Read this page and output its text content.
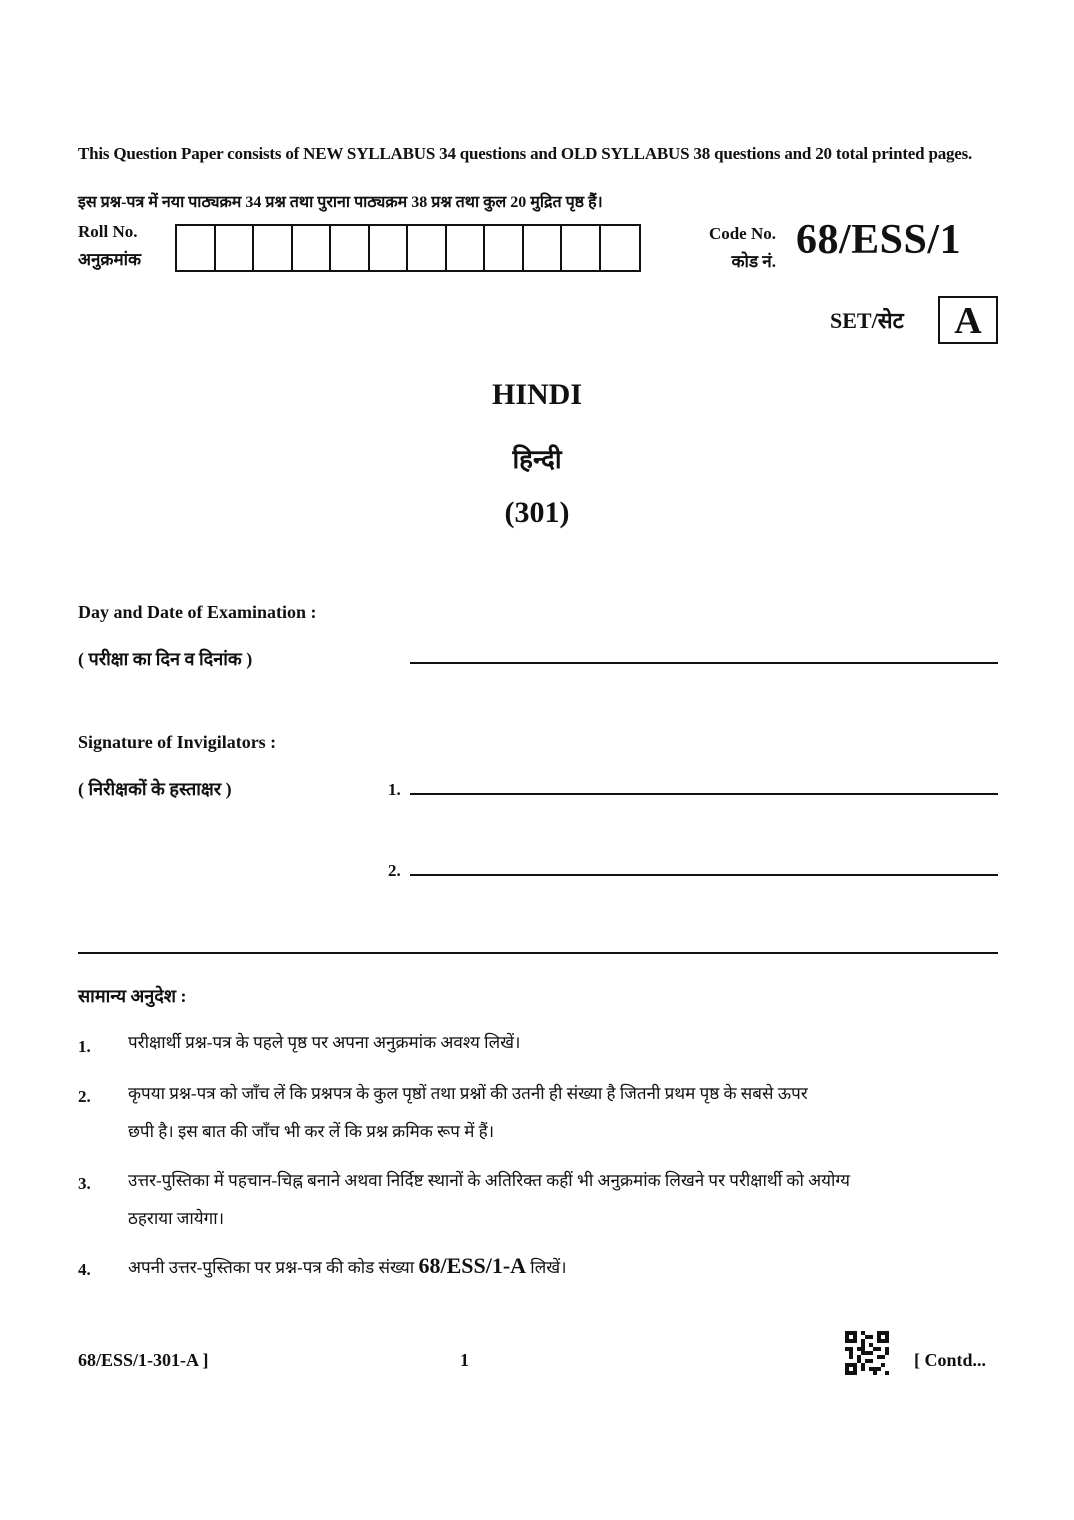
This Question Paper consists of NEW SYLLABUS 34 questions and OLD SYLLABUS 38 questions and 20 total printed pages.
इस प्रश्न-पत्र में नया पाठ्यक्रम 34 प्रश्न तथा पुराना पाठ्यक्रम 38 प्रश्न तथा कुल 20 मुद्रित पृष्ठ हैं।
Roll No.
अनुक्रमांक
Code No.
कोड नं. 68/ESS/1
SET/सेट	A
HINDI
हिन्दी
(301)
Day and Date of Examination :
( परीक्षा का दिन व दिनांक )
Signature of Invigilators :
( निरीक्षकों के हस्ताक्षर )	1.
2.
सामान्य अनुदेश :
1. परीक्षार्थी प्रश्न-पत्र के पहले पृष्ठ पर अपना अनुक्रमांक अवश्य लिखें।
2. कृपया प्रश्न-पत्र को जाँच लें कि प्रश्नपत्र के कुल पृष्ठों तथा प्रश्नों की उतनी ही संख्या है जितनी प्रथम पृष्ठ के सबसे ऊपर
छपी है। इस बात की जाँच भी कर लें कि प्रश्न क्रमिक रूप में हैं।
3. उत्तर-पुस्तिका में पहचान-चिह्न बनाने अथवा निर्दिष्ट स्थानों के अतिरिक्त कहीं भी अनुक्रमांक लिखने पर परीक्षार्थी को अयोग्य
ठहराया जायेगा।
4. अपनी उत्तर-पुस्तिका पर प्रश्न-पत्र की कोड संख्या 68/ESS/1-A लिखें।
68/ESS/1-301-A ]	1	[ Contd...
